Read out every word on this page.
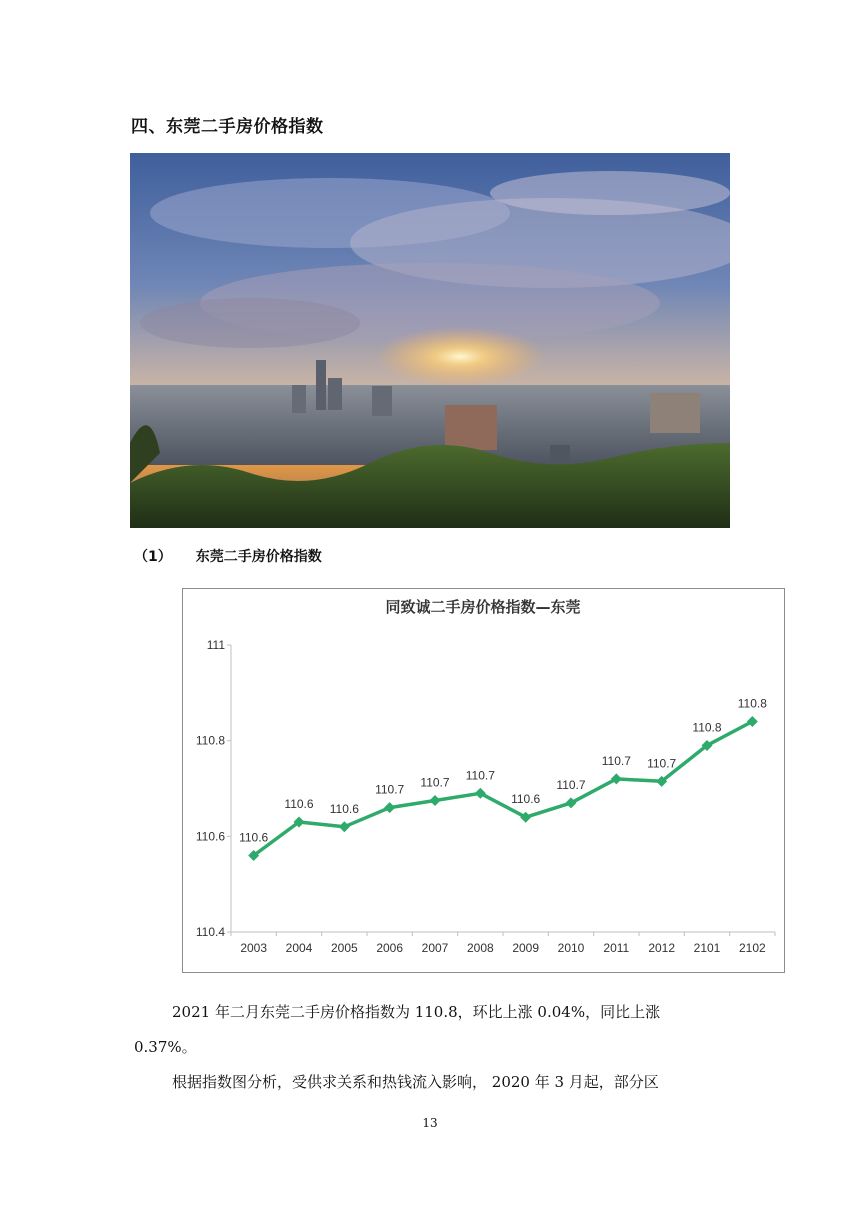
四、东莞二手房价格指数
（1） 东莞二手房价格指数
同致诚二手房价格指数—东莞
110.4
110.6
110.8
111
2003 2004 2005 2006 2007 2008 2009 2010 2011 2012 2101 2102
110.6
110.6 110.6
110.7
110.7
110.7
110.6
110.7
110.7 110.7
110.8
110.8
2021 年二月东莞二手房价格指数为 110.8，环比上涨 0.04%，同比上涨
0.37%。
根据指数图分析，受供求关系和热钱流入影响， 2020 年 3 月起，部分区
13
